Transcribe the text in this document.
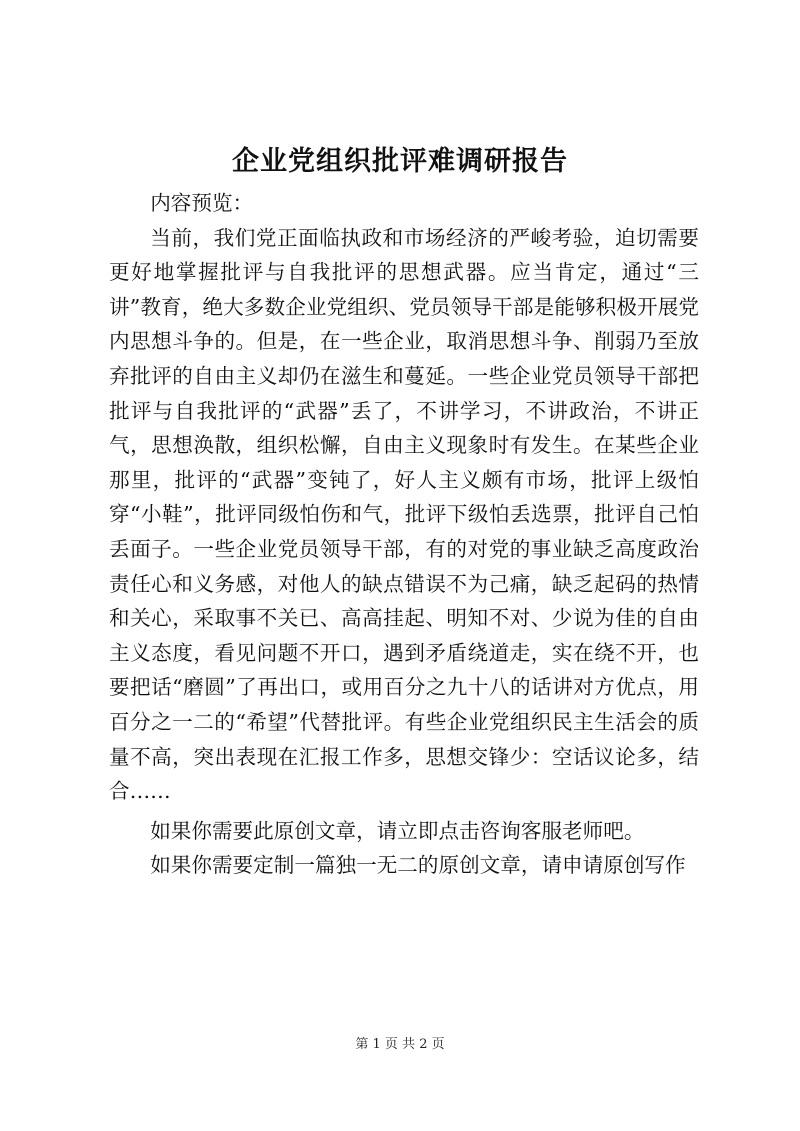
企业党组织批评难调研报告

内容预览：

当前，我们党正面临执政和市场经济的严峻考验，迫切需要更好地掌握批评与自我批评的思想武器。应当肯定，通过“三讲”教育，绝大多数企业党组织、党员领导干部是能够积极开展党内思想斗争的。但是，在一些企业，取消思想斗争、削弱乃至放弃批评的自由主义却仍在滋生和蔓延。一些企业党员领导干部把批评与自我批评的“武器”丢了，不讲学习，不讲政治，不讲正气，思想涣散，组织松懈，自由主义现象时有发生。在某些企业那里，批评的“武器”变钝了，好人主义颇有市场，批评上级怕穿“小鞋”，批评同级怕伤和气，批评下级怕丢选票，批评自己怕丢面子。一些企业党员领导干部，有的对党的事业缺乏高度政治责任心和义务感，对他人的缺点错误不为己痛，缺乏起码的热情和关心，采取事不关已、高高挂起、明知不对、少说为佳的自由主义态度，看见问题不开口，遇到矛盾绕道走，实在绕不开，也要把话“磨圆”了再出口，或用百分之九十八的话讲对方优点，用百分之一二的“希望”代替批评。有些企业党组织民主生活会的质量不高，突出表现在汇报工作多，思想交锋少：空话议论多，结合……

如果你需要此原创文章，请立即点击咨询客服老师吧。

如果你需要定制一篇独一无二的原创文章，请申请原创写作

第 1 页 共 2 页
